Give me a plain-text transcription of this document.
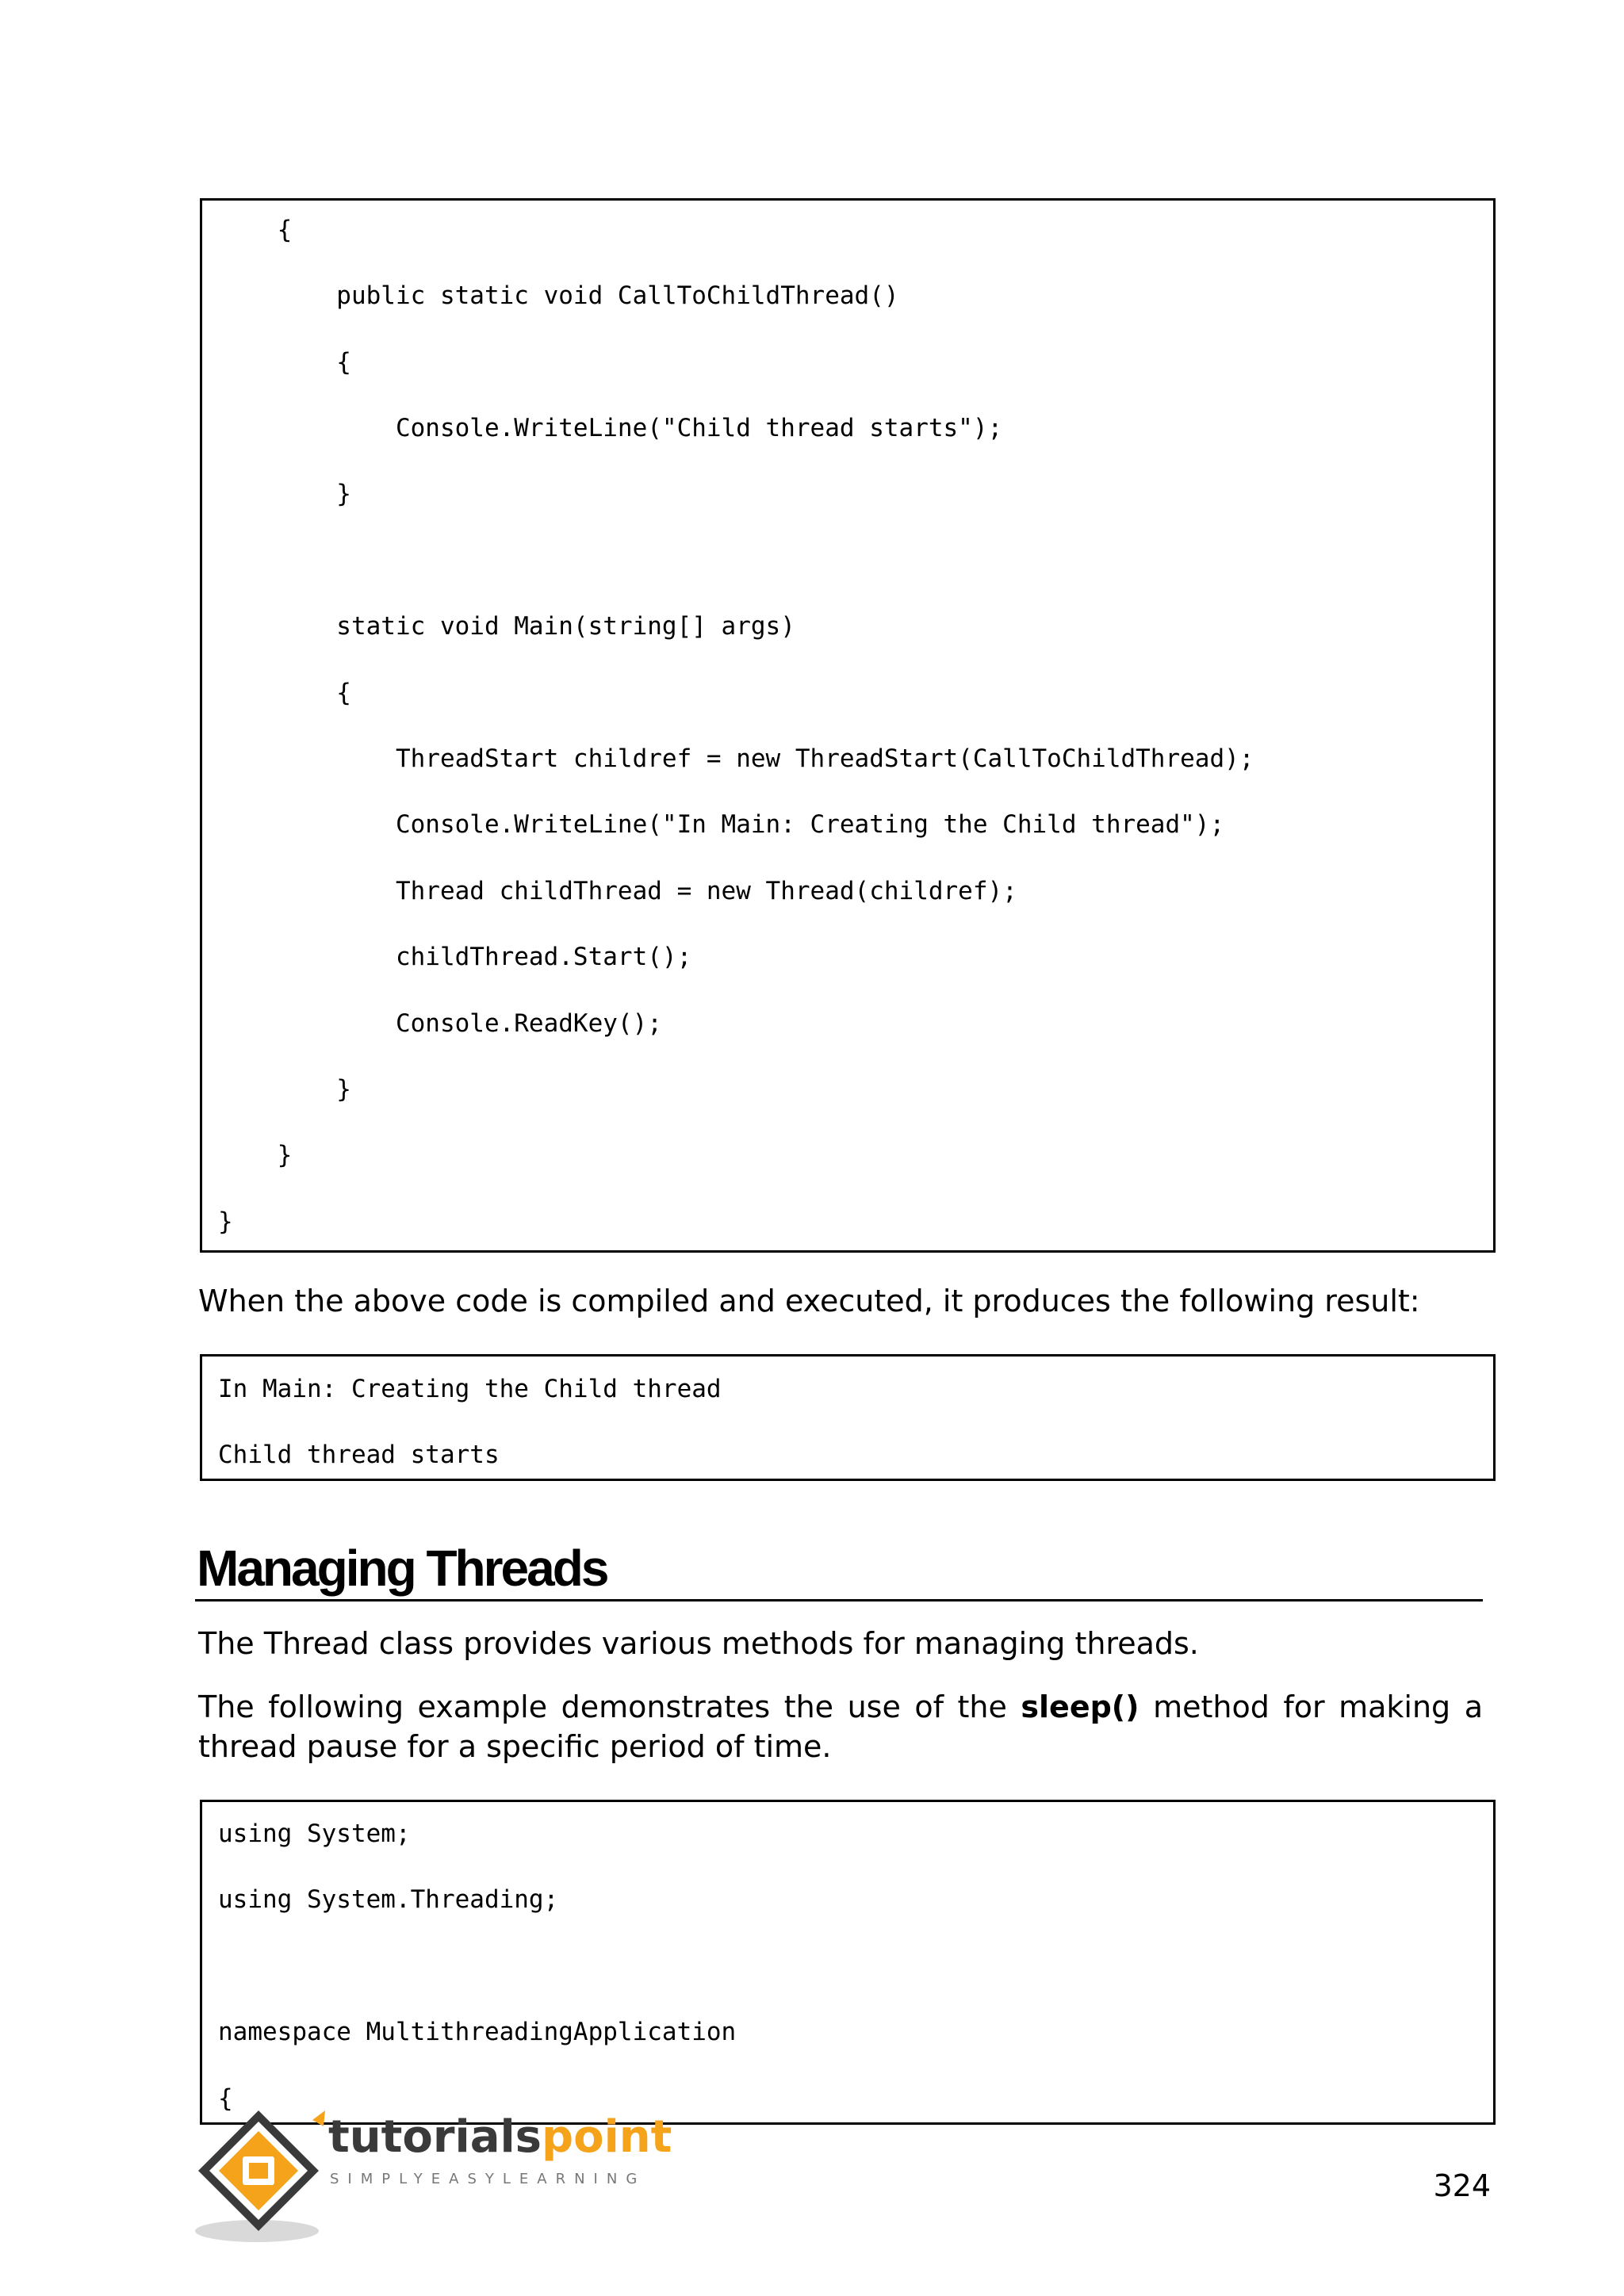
{
public static void CallToChildThread()
{
Console.WriteLine("Child thread starts");
}
static void Main(string[] args)
{
ThreadStart childref = new ThreadStart(CallToChildThread);
Console.WriteLine("In Main: Creating the Child thread");
Thread childThread = new Thread(childref);
childThread.Start();
Console.ReadKey();
}
}
}
When the above code is compiled and executed, it produces the following result:
In Main: Creating the Child thread
Child thread starts
Managing Threads
The Thread class provides various methods for managing threads.
The following example demonstrates the use of the sleep() method for making a thread pause for a specific period of time.
using System;
using System.Threading;
namespace MultithreadingApplication
{
tutorialspoint
SIMPLYEASYLEARNING	324
